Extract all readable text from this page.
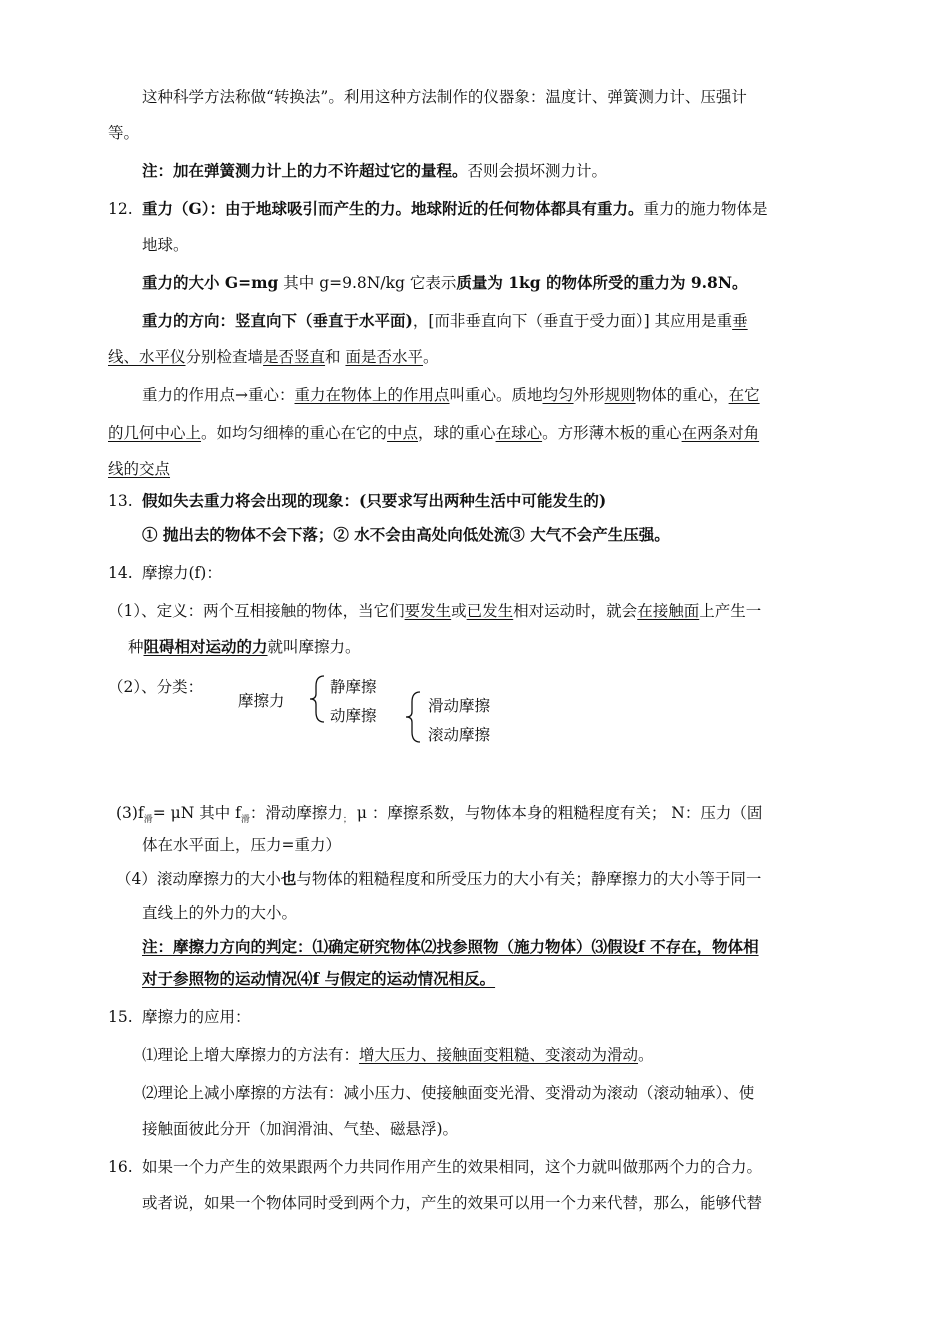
这种科学方法称做“转换法”。利用这种方法制作的仪器象：温度计、弹簧测力计、压强计
等。
注：加在弹簧测力计上的力不许超过它的量程。否则会损坏测力计。
12. 重力（G）：由于地球吸引而产生的力。地球附近的任何物体都具有重力。重力的施力物体是
地球。
重力的大小 G=mg 其中 g=9.8N/kg 它表示质量为 1kg 的物体所受的重力为 9.8N。
重力的方向：竖直向下（垂直于水平面)，[而非垂直向下（垂直于受力面）] 其应用是重垂
线、水平仪分别检查墙是否竖直和 面是否水平。
重力的作用点→重心：重力在物体上的作用点叫重心。质地均匀外形规则物体的重心，在它
的几何中心上。如均匀细棒的重心在它的中点，球的重心在球心。方形薄木板的重心在两条对角
线的交点
13. 假如失去重力将会出现的现象：(只要求写出两种生活中可能发生的)
① 抛出去的物体不会下落；② 水不会由高处向低处流③ 大气不会产生压强。
14. 摩擦力(f)：
（1）、定义：两个互相接触的物体，当它们要发生或已发生相对运动时，就会在接触面上产生一
种阻碍相对运动的力就叫摩擦力。
（2）、分类：
摩擦力
静摩擦
动摩擦
滑动摩擦
滚动摩擦
$(3)f_滑= \mu N$ 其中 $f_滑$：滑动摩擦力$_;$ μ ：摩擦系数，与物体本身的粗糙程度有关； N：压力（固
体在水平面上，压力=重力）
（4）滚动摩擦力的大小也与物体的粗糙程度和所受压力的大小有关；静摩擦力的大小等于同一
直线上的外力的大小。
注：摩擦力方向的判定：⑴确定研究物体⑵找参照物（施力物体）⑶假设f 不存在，物体相
对于参照物的运动情况⑷f 与假定的运动情况相反。
15. 摩擦力的应用：
⑴理论上增大摩擦力的方法有：增大压力、接触面变粗糙、变滚动为滑动。
⑵理论上减小摩擦的方法有：减小压力、使接触面变光滑、变滑动为滚动（滚动轴承）、使
接触面彼此分开（加润滑油、气垫、磁悬浮)。
16. 如果一个力产生的效果跟两个力共同作用产生的效果相同，这个力就叫做那两个力的合力。
或者说，如果一个物体同时受到两个力，产生的效果可以用一个力来代替，那么，能够代替
